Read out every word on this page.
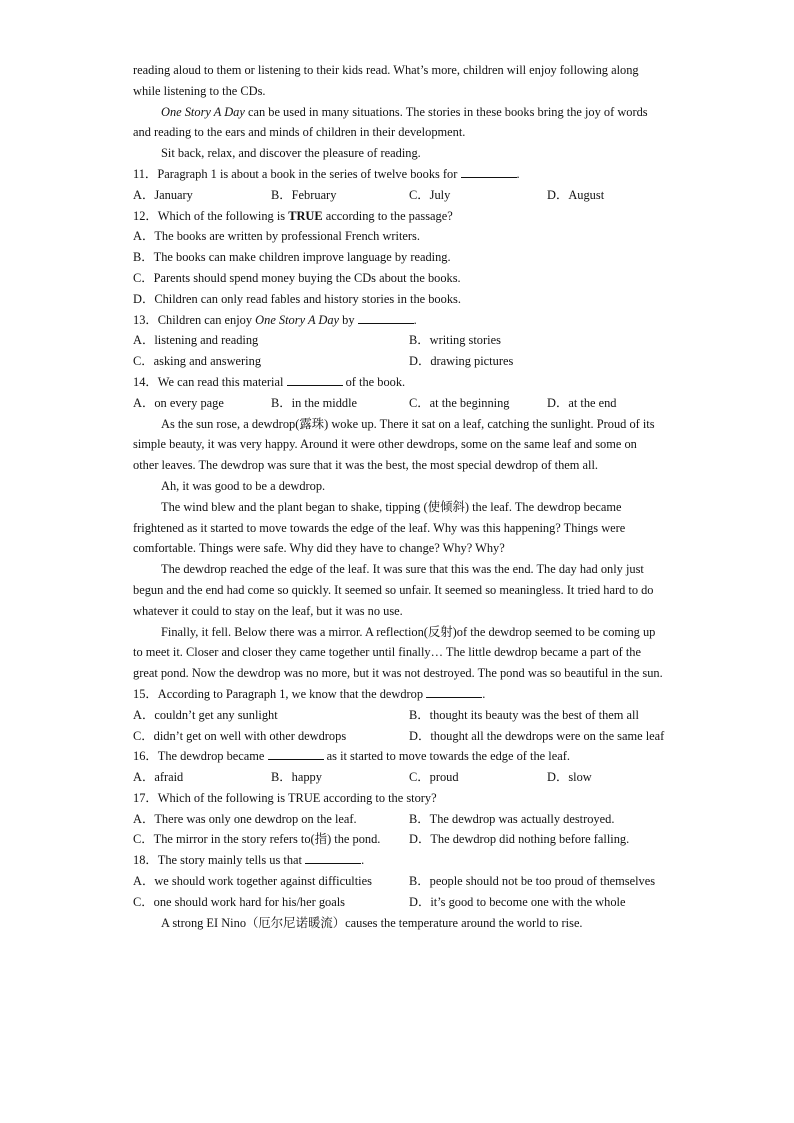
reading aloud to them or listening to their kids read. What’s more, children will enjoy following along while listening to the CDs.

One Story A Day can be used in many situations. The stories in these books bring the joy of words and reading to the ears and minds of children in their development.

Sit back, relax, and discover the pleasure of reading.

11．Paragraph 1 is about a book in the series of twelve books for	.

A．January	B．February	C．July	D．August

12．Which of the following is TRUE according to the passage?

A．The books are written by professional French writers.

B．The books can make children improve language by reading.

C．Parents should spend money buying the CDs about the books.

D．Children can only read fables and history stories in the books.

13．Children can enjoy One Story A Day by	.

A．listening and reading	B．writing stories
C．asking and answering	D．drawing pictures

14．We can read this material	of the book.

A．on every page	B．in the middle	C．at the beginning	D．at the end

As the sun rose, a dewdrop(露珠) woke up. There it sat on a leaf, catching the sunlight. Proud of its simple beauty, it was very happy. Around it were other dewdrops, some on the same leaf and some on other leaves. The dewdrop was sure that it was the best, the most special dewdrop of them all.

Ah, it was good to be a dewdrop.

The wind blew and the plant began to shake, tipping (使倾斜) the leaf. The dewdrop became frightened as it started to move towards the edge of the leaf. Why was this happening? Things were comfortable. Things were safe. Why did they have to change? Why? Why?

The dewdrop reached the edge of the leaf. It was sure that this was the end. The day had only just begun and the end had come so quickly. It seemed so unfair. It seemed so meaningless. It tried hard to do whatever it could to stay on the leaf, but it was no use.

Finally, it fell. Below there was a mirror. A reflection(反射)of the dewdrop seemed to be coming up to meet it. Closer and closer they came together until finally… The little dewdrop became a part of the great pond. Now the dewdrop was no more, but it was not destroyed. The pond was so beautiful in the sun.

15．According to Paragraph 1, we know that the dewdrop	.

A．couldn’t get any sunlight	B．thought its beauty was the best of them all
C．didn’t get on well with other dewdrops	D．thought all the dewdrops were on the same leaf

16．The dewdrop became	as it started to move towards the edge of the leaf.

A．afraid	B．happy	C．proud	D．slow

17．Which of the following is TRUE according to the story?

A．There was only one dewdrop on the leaf.	B．The dewdrop was actually destroyed.
C．The mirror in the story refers to(指) the pond.	D．The dewdrop did nothing before falling.

18．The story mainly tells us that	.

A．we should work together against difficulties	B．people should not be too proud of themselves
C．one should work hard for his/her goals	D．it’s good to become one with the whole

A strong EI Nino（厄尔尼诺暖流）causes the temperature around the world to rise.
